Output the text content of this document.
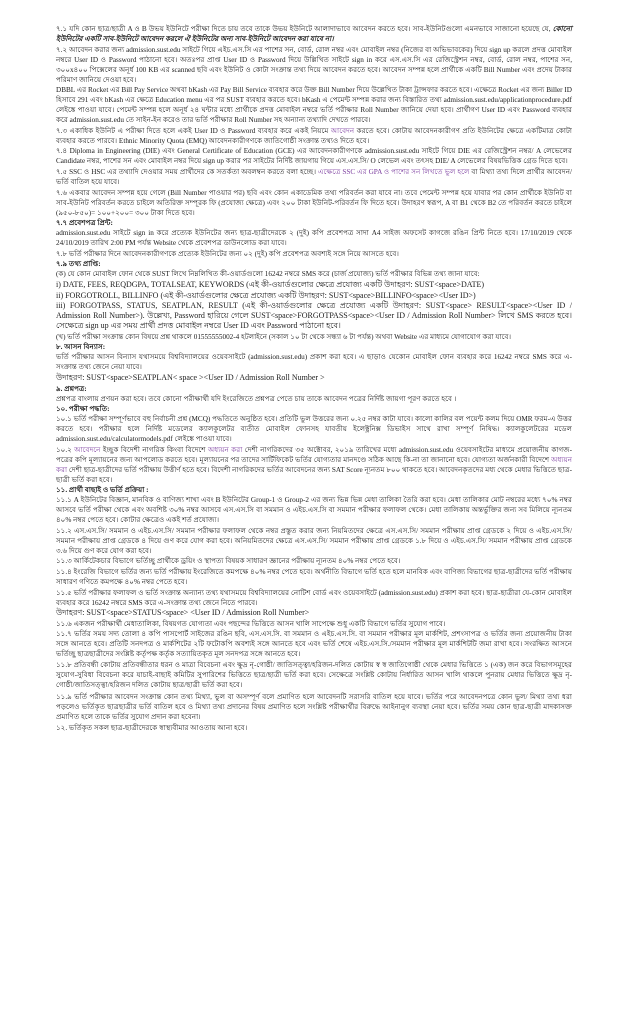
৭.১ যদি কোন ছাত্র/ছাত্রী A ও B উভয় ইউনিটে পরীক্ষা দিতে চায় তবে তাকে উভয় ইউনিটে আলাদাভাবে আবেদন করতে হবে। সাব-ইউনিটগুলো এমনভাবে সাজানো হয়েছে যে, কোনো ইউনিটের একটি সাব-ইউনিটে আবেদন করলে ঐ ইউনিটের অন্য সাব-ইউনিটে আবেদন করা যাবে না।

৭.২ আবেদন করার জন্য admission.sust.edu সাইটে গিয়ে এইচ.এস.সি এর পাশের সন, বোর্ড, রোল নম্বর এবং মোবাইল নম্বর (নিজের বা অভিভাবকের) দিয়ে sign up করলে প্রদত্ত মোবাইল নম্বরে User ID ও Password পাঠানো হবে। অতঃপর প্রাপ্ত User ID ও Password দিয়ে উল্লিখিত সাইটে sign in করে এস.এস.সি এর রেজিস্ট্রেশন নম্বর, বোর্ড, রোল নম্বর, পাশের সন, ৩০০x৪০০ পিক্সেলের অনূর্ধ 100 KB এর scanned ছবি এবং ইউনিট ও কোটা সংক্রান্ত তথ্য দিয়ে আবেদন করতে হবে। আবেদন সম্পন্ন হলে প্রার্থীকে একটি Bill Number এবং প্রদেয় টাকার পরিমাণ জানিয়ে দেওয়া হবে।

DBBL এর Rocket এর Bill Pay Service অথবা bKash এর Pay Bill Service ব্যবহার করে উক্ত Bill Number দিয়ে উল্লেখিত টাকা ট্রান্সফার করতে হবে। এক্ষেত্রে Rocket এর জন্য Biller ID হিসাবে 291 এবং bKash এর ক্ষেত্রে Education menu এর পর SUST ব্যবহার করতে হবে। bKash এ পেমেন্ট সম্পন্ন করার জন্য বিস্তারিত তথ্য admission.sust.edu/applicationprocedure.pdf লেইঙ্কে পাওয়া যাবে। পেমেন্ট সম্পন্ন হলে অনূর্ধ ২৪ ঘন্টার মধ্যে প্রার্থীকে প্রদত্ত মোবাইল নম্বরে ভর্তি পরীক্ষার Roll Number জানিয়ে দেয়া হবে। প্রার্থীগণ User ID এবং Password ব্যবহার করে admission.sust.edu তে সাইন-ইন করেও তার ভর্তি পরীক্ষার Roll Number সহ অন্যান্য তথ্যাদি দেখতে পারবে।

৭.৩ একাধিক ইউনিট এ পরীক্ষা দিতে হলে একই User ID ও Password ব্যবহার করে একই নিয়মে আবেদন করতে হবে। কোটায় আবেদনকারীগণ প্রতি ইউনিটের ক্ষেত্রে একটিমাত্র কোটা ব্যবহার করতে পারবে। Ethnic Minority Quota (EMQ) আবেদনকারীগণকে জাতিগোষ্ঠী সংক্রান্ত তথ্যও দিতে হবে।

৭.৪ Diploma in Engineering (DIE) এবং General Certificate of Education (GCE) এর আবেদনকারীগণকে admission.sust.edu সাইটে গিয়ে DIE এর রেজিস্ট্রেশন নম্বর/ A লেভেলের Candidate নম্বর, পাশের সন এবং মোবাইল নম্বর দিয়ে sign up করার পর সাইটের নির্দিষ্ট জায়গায় গিয়ে এস.এস.সি/ O লেভেল এবং তৎসহ DIE/ A লেভেলের বিষয়ভিত্তিক গ্রেড দিতে হবে।

৭.৫ SSC ও HSC এর তথ্যাদি দেওয়ার সময় প্রার্থীদের কে সতর্কতা অবলম্বন করতে বলা হচ্ছে। এক্ষেত্রে SSC এর GPA ও পাশের সন লিখতে ভুল হলে বা মিথ্যা তথ্য দিলে প্রার্থীর আবেদন/ভর্তি বাতিল হয়ে যাবে।

৭.৬ একবার আবেদন সম্পন্ন হয়ে গেলে (Bill Number পাওয়ার পর) ছবি এবং কোন একাডেমিক তথ্য পরিবর্তন করা যাবে না। তবে পেমেন্ট সম্পন্ন হয়ে যাবার পর কোন প্রার্থীকে ইউনিট বা সাব-ইউনিট পরিবর্তন করতে চাইলে অতিরিক্ত সম্পূরক ফি (প্রযোজ্য ক্ষেত্রে) এবং ২০০ টাকা ইউনিট-পরিবর্তন ফি দিতে হবে। উদাহরণ স্বরূপ, A বা B1 থেকে B2 তে পরিবর্তন করতে চাইলে (৯৫০-৮৫০)= ১০০+২০০= ৩০০ টাকা দিতে হবে।

৭.৭ প্রবেশপত্র প্রিন্ট:

admission.sust.edu সাইটে sign in করে প্রত্যেক ইউনিটের জন্য ছাত্র-ছাত্রীদেরকে ২ (দুই) কপি প্রবেশপত্র সাদা A4 সাইজ অফসেট কাগজে রঙিন প্রিন্ট নিতে হবে। 17/10/2019 থেকে 24/10/2019 তারিখ 2:00 PM পর্যন্ত Website থেকে প্রবেশপত্র ডাউনলোড করা যাবে।

৭.৮ ভর্তি পরীক্ষার দিনে আবেদনকারীগণকে প্রত্যেক ইউনিটের জন্য ০২ (দুই) কপি প্রবেশপত্র অবশ্যই সঙ্গে নিয়ে আসতে হবে।

৭.৯ তথ্য প্রাপ্তি:

(ক) যে কোন মোবাইল ফোন থেকে SUST লিখে নিম্নলিখিত কী-ওয়ার্ডগুলো 16242 নম্বরে SMS করে (চার্জ প্রযোজ্য) ভর্তি পরীক্ষার বিভিন্ন তথ্য জানা যাবে:

i) DATE, FEES, REQDGPA, TOTALSEAT, KEYWORDS (এই কী-ওয়ার্ডগুলোর ক্ষেত্রে প্রযোজ্য একটি উদাহরণ: SUST<space>DATE)

ii) FORGOTROLL, BILLINFO (এই কী-ওয়ার্ডগুলোর ক্ষেত্রে প্রযোজ্য একটি উদাহরণ: SUST<space>BILLINFO<space><User ID>)

iii) FORGOTPASS, STATUS, SEATPLAN, RESULT (এই কী-ওয়ার্ডগুলোর ক্ষেত্রে প্রযোজ্য একটি উদাহরণ: SUST<space> RESULT<space><User ID / Admission Roll Number>). উল্লেখ্য, Password হারিয়ে গেলে SUST<space>FORGOTPASS<space><User ID / Admission Roll Number> লিখে SMS করতে হবে। সেক্ষেত্রে sign up এর সময় প্রার্থী প্রদত্ত মোবাইল নম্বরে User ID এবং Password পাঠানো হবে।

(খ) ভর্তি পরীক্ষা সংক্রান্ত কোন বিষয়ে প্রশ্ন থাকলে 01555555002-4 হটলাইনে (সকাল ১০ টা থেকে সন্ধ্যা ৬ টা পর্যন্ত) অথবা Website এর মাধ্যমে যোগাযোগ করা যাবে।

৮. আসন বিন্যাস:

ভর্তি পরীক্ষার আসন বিন্যাস যথাসময়ে বিশ্ববিদ্যালয়ের ওয়েবসাইটে (admission.sust.edu) প্রকাশ করা হবে। এ ছাড়াও যেকোন মোবাইল ফোন ব্যবহার করে 16242 নম্বরে SMS করে এ-সংক্রান্ত তথ্য জেনে নেয়া যাবে।

উদাহরণ: SUST<space>SEATPLAN< space ><User ID / Admission Roll Number >

৯. প্রশ্নপত্র:

প্রশ্নপত্র বাংলায় প্রণয়ন করা হবে। তবে কোনো পরীক্ষার্থী যদি ইংরেজিতে প্রশ্নপত্র পেতে চায় তাকে আবেদন পত্রের নির্দিষ্ট জায়গা পূরণ করতে হবে ।

১০. পরীক্ষা পদ্ধতি:

১০.১ ভর্তি পরীক্ষা সম্পূর্ণভাবে বহু নির্বাচনী প্রশ্ন (MCQ) পদ্ধতিতে অনুষ্ঠিত হবে। প্রতিটি ভুল উত্তরের জন্য ০.২৫ নম্বর কাটা যাবে। কালো কালির বল পয়েন্ট কলম দিয়ে OMR ফরম-এ উত্তর করতে হবে। পরীক্ষার হলে নির্দিষ্ট মডেলের ক্যালকুলেটর ব্যতীত মোবাইল ফোনসহ যাবতীয় ইলেক্ট্রনিক্স ডিভাইস সাথে রাখা সম্পূর্ণ নিষিদ্ধ। ক্যালকুলেটরের মডেল admission.sust.edu/calculatormodels.pdf লেইঙ্কে পাওয়া যাবে।

১০.২ আবেদনে ইচ্ছুক বিদেশী নাগরিক কিংবা বিদেশে অধ্যয়ন করা দেশী নাগরিকদের ৩৫ অক্টোবর, ২০১৯ তারিখের মধ্যে admission.sust.edu ওয়েবসাইটের মাধ্যমে প্রয়োজনীয় কাগজ-পত্রের কপি মূল্যায়নের জন্য আপলোড করতে হবে। মূল্যায়নের পর তাদের সার্টিফিকেট ভর্তির যোগ্যতার মানদণ্ডে সঠিক আছে কি-না তা জানানো হবে। যোগ্যতা অর্জনকারী বিদেশে অধ্যয়ন করা দেশী ছাত্র-ছাত্রীদের ভর্তি পরীক্ষায় উত্তীর্ণ হতে হবে। বিদেশী নাগরিকদের ভর্তির আবেদনের জন্য SAT Score ন্যূনতম ৮০০ থাকতে হবে। আবেদনকৃতদের মধ্য থেকে মেধার ভিত্তিতে ছাত্র-ছাত্রী ভর্তি করা হবে।

১১. প্রার্থী বাছাই ও ভর্তি প্রক্রিয়া :

১১.১ A ইউনিটের বিজ্ঞান, মানবিক ও বাণিজ্য শাখা এবং B ইউনিটের Group-1 ও Group-2 এর জন্য ভিন্ন ভিন্ন মেধা তালিকা তৈরি করা হবে। মেধা তালিকার মোট নম্বরের মধ্যে ৭০% নম্বর আসবে ভর্তি পরীক্ষা থেকে এবং অবশিষ্ট ৩০% নম্বর আসবে এস.এস.সি বা সমমান ও এইচ.এস.সি বা সমমান পরীক্ষার ফলাফল থেকে। মেধা তালিকায় অন্তর্ভুক্তির জন্য সব মিলিয়ে ন্যূনতম ৪০% নম্বর পেতে হবে। কোটার ক্ষেত্রেও একই শর্ত প্রযোজ্য।

১১.২ এস.এস.সি/ সমমান ও এইচ.এস.সি/ সমমান পরীক্ষার ফলাফল থেকে নম্বর প্রস্তুত করার জন্য নিয়মিতদের ক্ষেত্রে এস.এস.সি/ সমমান পরীক্ষায় প্রাপ্ত গ্রেডকে ২ দিয়ে ও এইচ.এস.সি/ সমমান পরীক্ষায় প্রাপ্ত গ্রেডকে ৪ দিয়ে গুণ করে যোগ করা হবে। অনিয়মিতদের ক্ষেত্রে এস.এস.সি/ সমমান পরীক্ষায় প্রাপ্ত গ্রেডকে ১.৮ দিয়ে ও এইচ.এস.সি/ সমমান পরীক্ষায় প্রাপ্ত গ্রেডকে ৩.৬ দিয়ে গুণ করে যোগ করা হবে।

১১.৩ আর্কিটেকচার বিভাগে ভর্তিচ্ছু প্রার্থীকে ড্রয়িং ও স্থাপত্য বিষয়ক সাধারণ জ্ঞানের পরীক্ষায় ন্যূনতম ৪০% নম্বর পেতে হবে।

১১.৪ ইংরেজি বিভাগে ভর্তির জন্য ভর্তি পরীক্ষায় ইংরেজিতে কমপক্ষে ৪০% নম্বর পেতে হবে। অর্থনীতি বিভাগে ভর্তি হতে হলে মানবিক এবং বাণিজ্য বিভাগের ছাত্র-ছাত্রীদের ভর্তি পরীক্ষায় সাধারণ গণিতে কমপক্ষে ৪০% নম্বর পেতে হবে।

১১.৫ ভর্তি পরীক্ষার ফলাফল ও ভর্তি সংক্রান্ত অন্যান্য তথ্য যথাসময়ে বিশ্ববিদ্যালয়ের নোটিশ বোর্ড এবং ওয়েবসাইটে (admission.sust.edu) প্রকাশ করা হবে। ছাত্র-ছাত্রীরা যে-কোন মোবাইল ব্যবহার করে 16242 নম্বরে SMS করে এ-সংক্রান্ত তথ্য জেনে নিতে পারবে।

উদাহরণ: SUST<space>STATUS<space> <User ID / Admission Roll Number>

১১.৬ একজন পরীক্ষার্থী মেধাতালিকা, বিষয়গত যোগ্যতা এবং পছন্দের ভিত্তিতে আসন খালি সাপেক্ষে শুধু একটি বিভাগে ভর্তির সুযোগ পাবে।

১১.৭ ভর্তির সময় সদ্য তোলা ৪ কপি পাসপোর্ট সাইজের রঙিন ছবি, এস.এস.সি. বা সমমান ও এইচ.এস.সি. বা সমমান পরীক্ষার মূল মার্কশিট, প্রশংসাপত্র ও ভর্তির জন্য প্রয়োজনীয় টাকা সঙ্গে আনতে হবে। প্রতিটি সনদপত্র ও মার্কশিটের ২টি ফটোকপি অবশ্যই সঙ্গে আনতে হবে এবং ভর্তি শেষে এইচ.এস.সি./সমমান পরীক্ষার মূল মার্কশিটটি জমা রাখা হবে। সংরক্ষিত আসনে ভর্তিচ্ছু ছাত্রছাত্রীদের সংশ্লিষ্ট কর্তৃপক্ষ কর্তৃক সত্যায়িতকৃত মূল সনদপত্র সঙ্গে আনতে হবে।

১১.৮ প্রতিবন্ধী কোটায় প্রতিবন্ধীতার ধরন ও মাত্রা বিবেচনা এবং ক্ষুদ্র নৃ-গোষ্ঠী/ জাতিসত্ত্বা/হরিজন-দলিত কোটায় স্ব স্ব জাতিগোষ্ঠী থেকে মেধার ভিত্তিতে ১ (এক) জন করে বিভাগসমূহের সুযোগ-সুবিধা বিবেচনা করে যাচাই-বাছাই কমিটির সুপারিশের ভিত্তিতে ছাত্র/ছাত্রী ভর্তি করা হবে। সেক্ষেত্রে সংশ্লিষ্ট কোটায় নির্ধারিত আসন খালি থাকলে পুনরায় মেধার ভিত্তিতে ক্ষুদ্র নৃ-গোষ্ঠী/জাতিসত্ত্বা/হরিজন দলিত কোটায় ছাত্র/ছাত্রী ভর্তি করা হবে।

১১.৯ ভর্তি পরীক্ষার আবেদন সংক্রান্ত কোন তথ্য মিথ্যা, ভুল বা অসম্পূর্ণ বলে প্রমাণিত হলে আবেদনটি সরাসরি বাতিল হয়ে যাবে। ভর্তির পরে আবেদনপত্রে কোন ভুল/ মিথ্যা তথ্য ধরা পড়লেও ভর্তিকৃত ছাত্রছাত্রীর ভর্তি বাতিল হবে ও মিথ্যা তথ্য প্রদানের বিষয় প্রমাণিত হলে সংশ্লিষ্ট পরীক্ষার্থীর বিরুদ্ধে আইনানুগ ব্যবস্থা নেয়া হবে। ভর্তির সময় কোন ছাত্র-ছাত্রী মাদকাসক্ত প্রমাণিত হলে তাকে ভর্তির সুযোগ প্রদান করা হবেনা।

১২. ভর্তিকৃত সকল ছাত্র-ছাত্রীদেরকে স্বাস্থ্যবীমার আওতায় আনা হবে।
